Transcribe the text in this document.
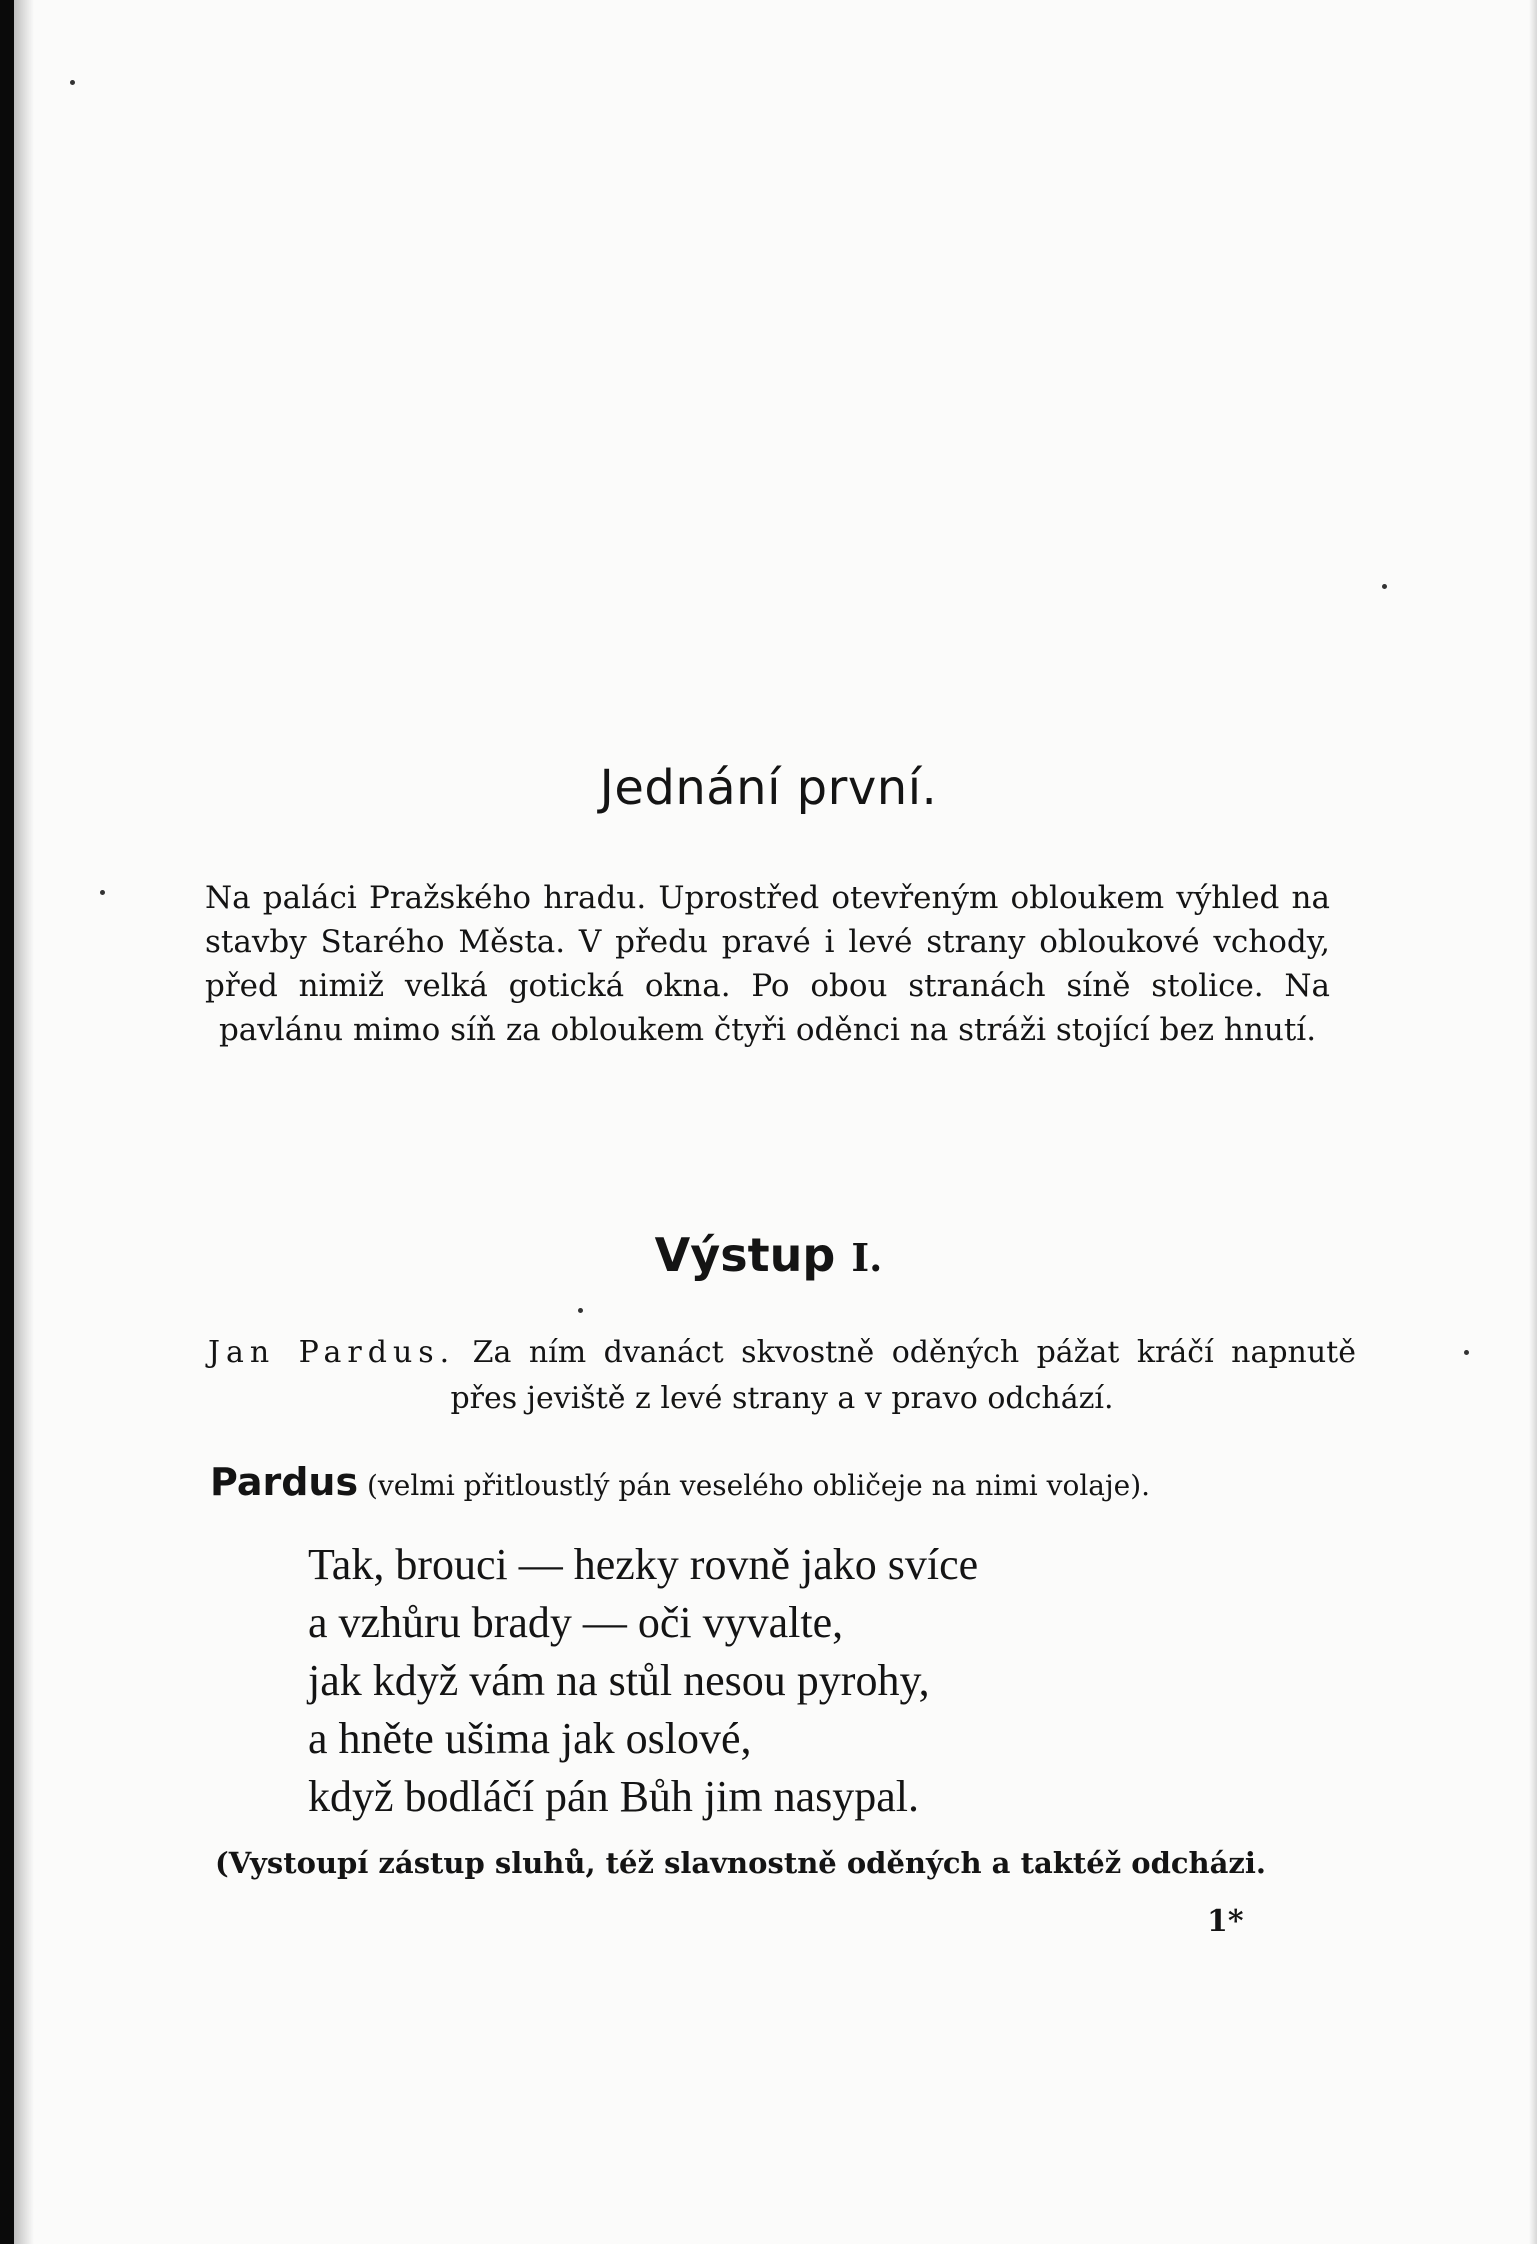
Jednání první.

Na paláci Pražského hradu. Uprostřed otevřeným obloukem výhled na stavby Starého Města. V předu pravé i levé strany obloukové vchody, před nimiž velká gotická okna. Po obou stranách síně stolice. Na pavlánu mimo síň za obloukem čtyři oděnci na stráži stojící bez hnutí.

Výstup I.

Jan Pardus. Za ním dvanáct skvostně oděných pážat kráčí napnutě přes jeviště z levé strany a v pravo odchází.

Pardus (velmi přitloustlý pán veselého obličeje na nimi volaje).

Tak, brouci — hezky rovně jako svíce
a vzhůru brady — oči vyvalte,
jak když vám na stůl nesou pyrohy,
a hněte ušima jak oslové,
když bodláčí pán Bůh jim nasypal.

(Vystoupí zástup sluhů, též slavnostně oděných a taktéž odcházi.

1*
